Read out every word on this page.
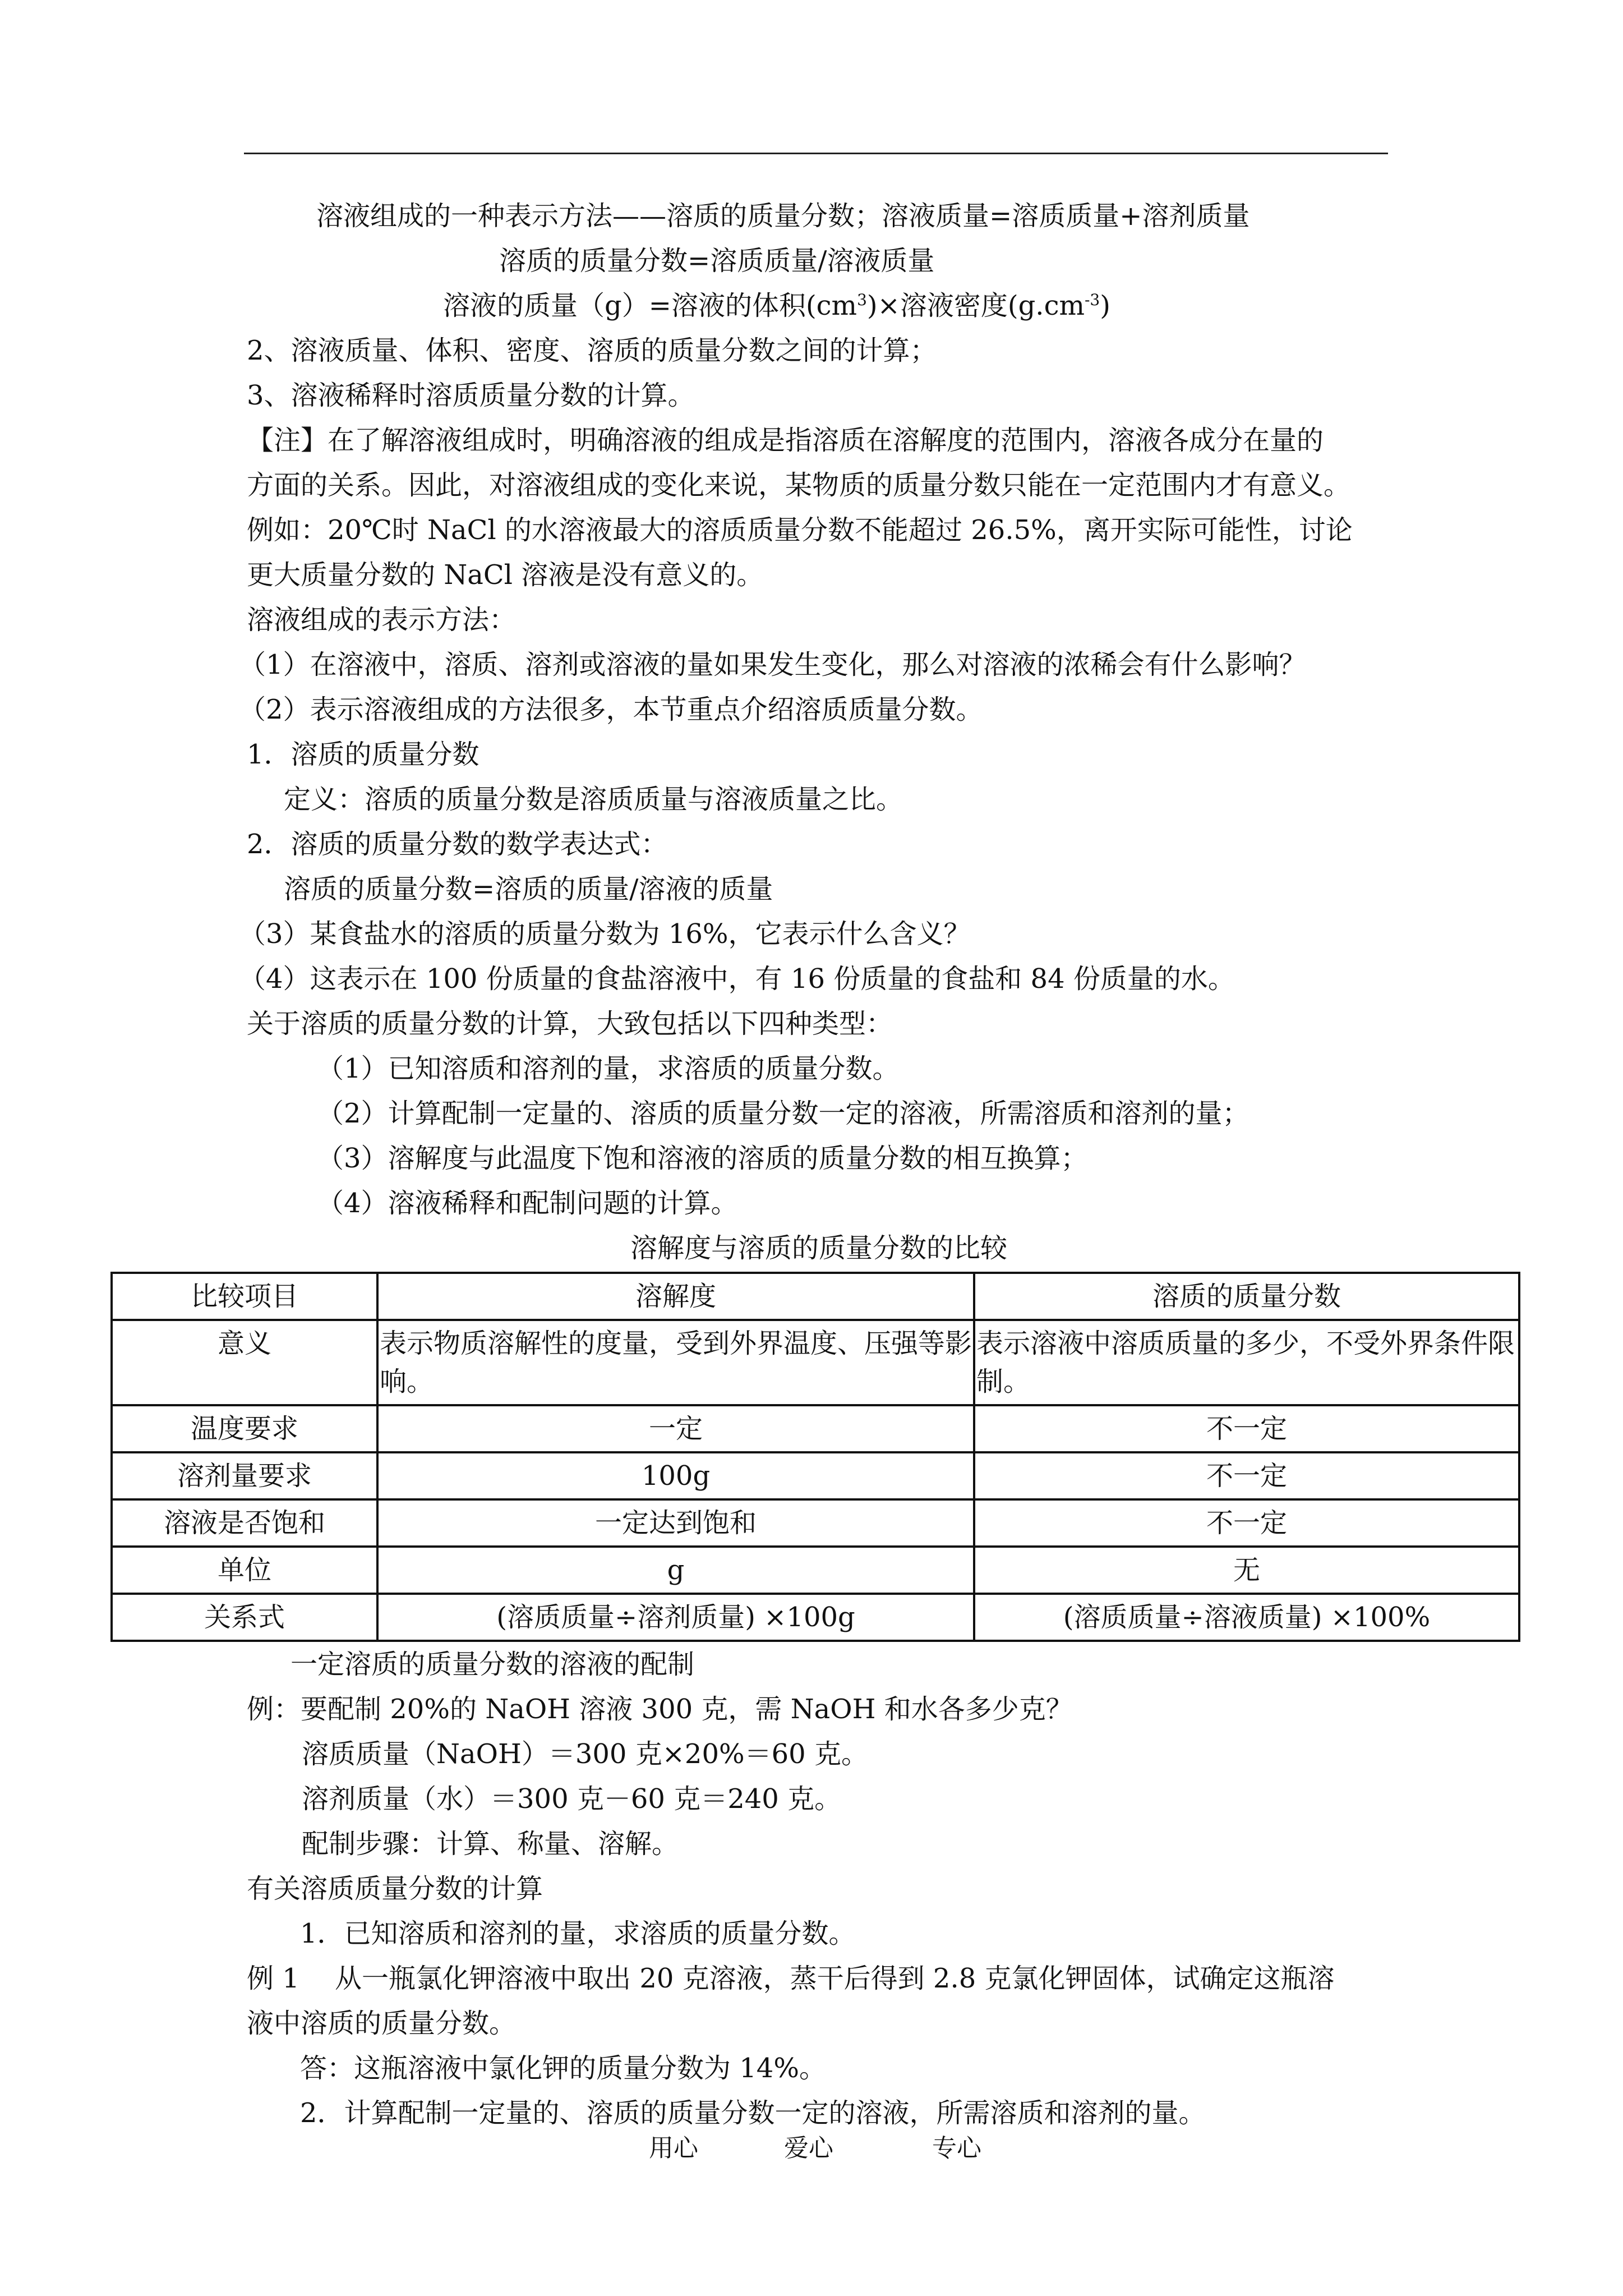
溶液组成的一种表示方法——溶质的质量分数；溶液质量=溶质质量+溶剂质量

溶质的质量分数=溶质质量/溶液质量

溶液的质量（g）=溶液的体积$(cm^3)\times$溶液密度$(g.cm^{-3})$

2、溶液质量、体积、密度、溶质的质量分数之间的计算；

3、溶液稀释时溶质质量分数的计算。

【注】在了解溶液组成时，明确溶液的组成是指溶质在溶解度的范围内，溶液各成分在量的

方面的关系。因此，对溶液组成的变化来说，某物质的质量分数只能在一定范围内才有意义。

例如：20℃时 NaCl 的水溶液最大的溶质质量分数不能超过 26.5%，离开实际可能性，讨论

更大质量分数的 NaCl 溶液是没有意义的。

溶液组成的表示方法：

（1）在溶液中，溶质、溶剂或溶液的量如果发生变化，那么对溶液的浓稀会有什么影响？

（2）表示溶液组成的方法很多，本节重点介绍溶质质量分数。

1．溶质的质量分数

定义：溶质的质量分数是溶质质量与溶液质量之比。

2．溶质的质量分数的数学表达式：

溶质的质量分数=溶质的质量/溶液的质量

（3）某食盐水的溶质的质量分数为 16%，它表示什么含义？

（4）这表示在 100 份质量的食盐溶液中，有 16 份质量的食盐和 84 份质量的水。

关于溶质的质量分数的计算，大致包括以下四种类型：

（1）已知溶质和溶剂的量，求溶质的质量分数。

（2）计算配制一定量的、溶质的质量分数一定的溶液，所需溶质和溶剂的量；

（3）溶解度与此温度下饱和溶液的溶质的质量分数的相互换算；

（4）溶液稀释和配制问题的计算。

溶解度与溶质的质量分数的比较

比较项目	溶解度	溶质的质量分数
意义	表示物质溶解性的度量，受到外界温度、压强等影响。	表示溶液中溶质质量的多少，不受外界条件限制。
温度要求	一定	不一定
溶剂量要求	100g	不一定
溶液是否饱和	一定达到饱和	不一定
单位	g	无
关系式	(溶质质量÷溶剂质量) ×100g	(溶质质量÷溶液质量) ×100%

一定溶质的质量分数的溶液的配制

例：要配制 20%的 NaOH 溶液 300 克，需 NaOH 和水各多少克？

溶质质量（NaOH）＝300 克×20%＝60 克。

溶剂质量（水）＝300 克－60 克＝240 克。

配制步骤：计算、称量、溶解。

有关溶质质量分数的计算

1．已知溶质和溶剂的量，求溶质的质量分数。

例 1　 从一瓶氯化钾溶液中取出 20 克溶液，蒸干后得到 2.8 克氯化钾固体，试确定这瓶溶

液中溶质的质量分数。

答：这瓶溶液中氯化钾的质量分数为 14%。

2．计算配制一定量的、溶质的质量分数一定的溶液，所需溶质和溶剂的量。

用心	爱心	专心
